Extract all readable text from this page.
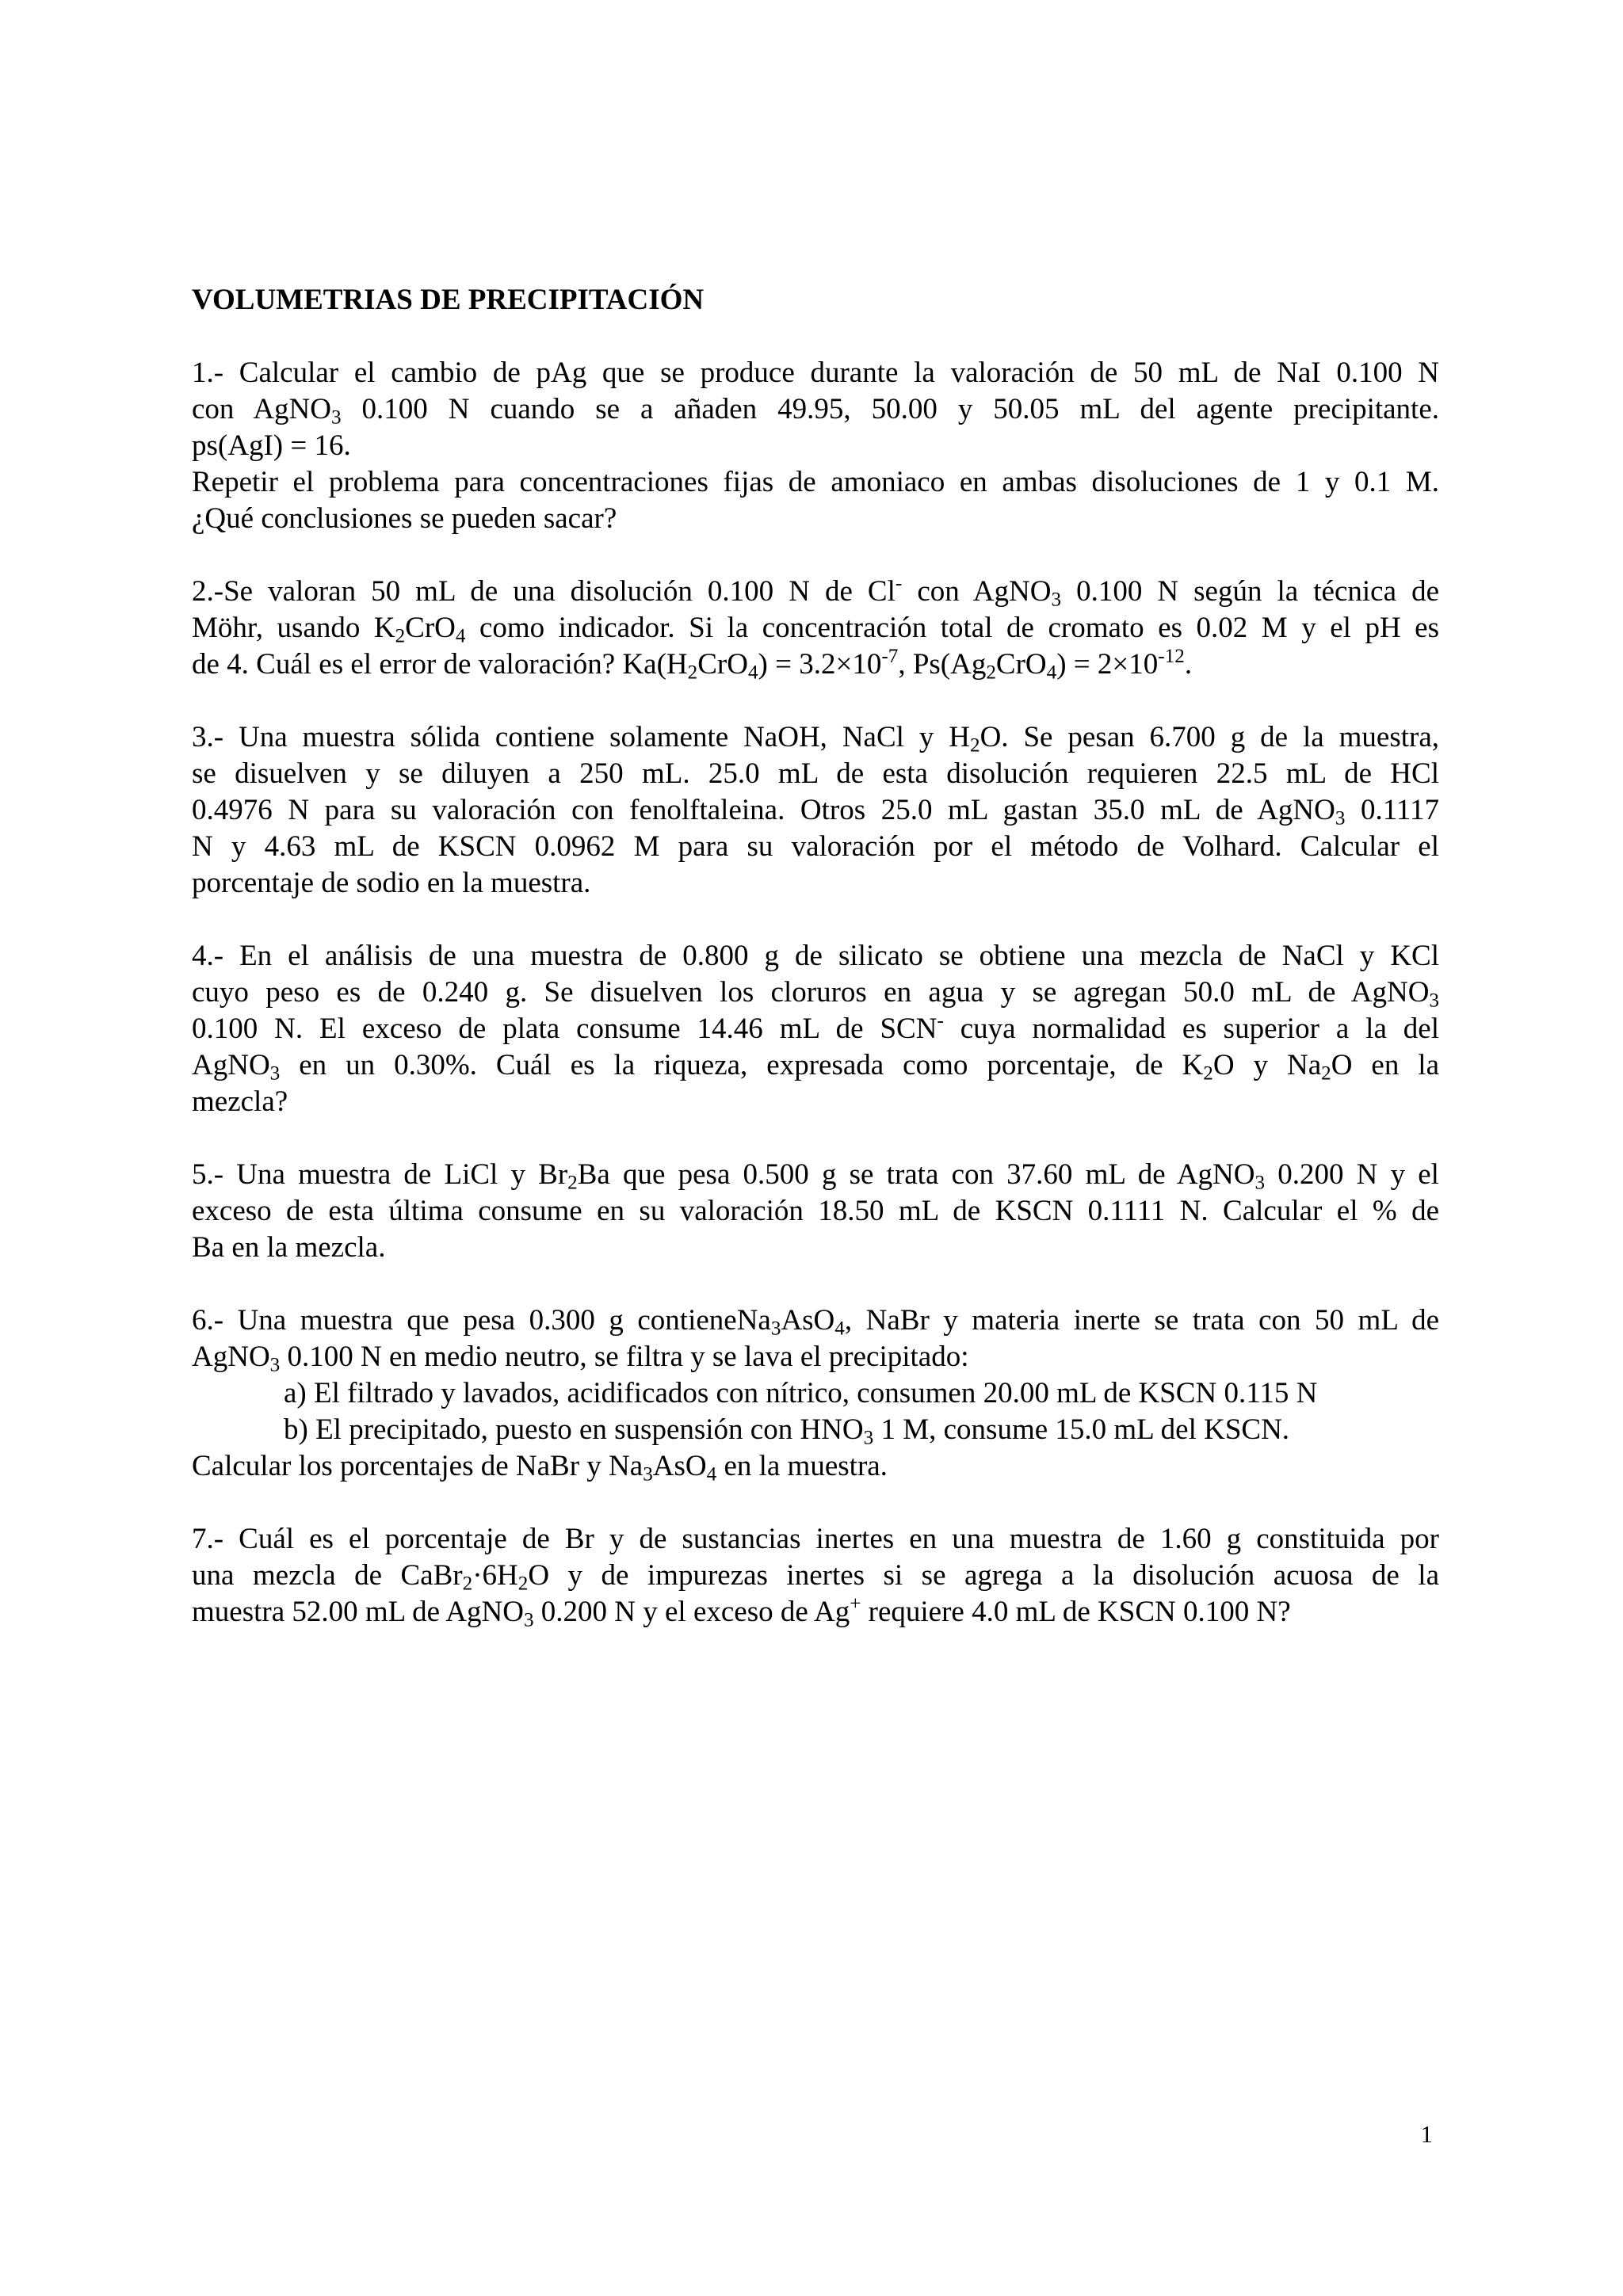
VOLUMETRIAS DE PRECIPITACIÓN
1.- Calcular el cambio de pAg que se produce durante la valoración de 50 mL de NaI 0.100 N
con AgNO$_3$ 0.100 N cuando se a añaden 49.95, 50.00 y 50.05 mL del agente precipitante.
ps(AgI) = 16.
Repetir el problema para concentraciones fijas de amoniaco en ambas disoluciones de 1 y 0.1 M.
¿Qué conclusiones se pueden sacar?
2.-Se valoran 50 mL de una disolución 0.100 N de Cl- con AgNO$_3$ 0.100 N según la técnica de
Möhr, usando $K_2CrO_4$ como indicador. Si la concentración total de cromato es 0.02 M y el pH es
de 4. Cuál es el error de valoración? $Ka(H_2CrO_4) = 3.2\times 10^{-7}$, $Ps(Ag_2CrO_4) = 2\times 10^{-12}$.
3.- Una muestra sólida contiene solamente NaOH, NaCl y $H_2O$. Se pesan 6.700 g de la muestra,
se disuelven y se diluyen a 250 mL. 25.0 mL de esta disolución requieren 22.5 mL de HCl
0.4976 N para su valoración con fenolftaleina. Otros 25.0 mL gastan 35.0 mL de AgNO$_3$ 0.1117
N y 4.63 mL de KSCN 0.0962 M para su valoración por el método de Volhard. Calcular el
porcentaje de sodio en la muestra.
4.- En el análisis de una muestra de 0.800 g de silicato se obtiene una mezcla de NaCl y KCl
cuyo peso es de 0.240 g. Se disuelven los cloruros en agua y se agregan 50.0 mL de AgNO$_3$
0.100 N. El exceso de plata consume 14.46 mL de SCN- cuya normalidad es superior a la del
AgNO$_3$ en un 0.30%. Cuál es la riqueza, expresada como porcentaje, de $K_2O$ y $Na_2O$ en la
mezcla?
5.- Una muestra de LiCl y $Br_2Ba$ que pesa 0.500 g se trata con 37.60 mL de AgNO$_3$ 0.200 N y el
exceso de esta última consume en su valoración 18.50 mL de KSCN 0.1111 N. Calcular el % de
Ba en la mezcla.
6.- Una muestra que pesa 0.300 g contieneNa$_3$AsO$_4$, NaBr y materia inerte se trata con 50 mL de
AgNO$_3$ 0.100 N en medio neutro, se filtra y se lava el precipitado:
a) El filtrado y lavados, acidificados con nítrico, consumen 20.00 mL de KSCN 0.115 N
b) El precipitado, puesto en suspensión con $HNO_3$ 1 M, consume 15.0 mL del KSCN.
Calcular los porcentajes de NaBr y $Na_3AsO_4$ en la muestra.
7.- Cuál es el porcentaje de Br y de sustancias inertes en una muestra de 1.60 g constituida por
una mezcla de $CaBr_2\cdot 6H_2O$ y de impurezas inertes si se agrega a la disolución acuosa de la
muestra 52.00 mL de AgNO$_3$ 0.200 N y el exceso de Ag+ requiere 4.0 mL de KSCN 0.100 N?
1
